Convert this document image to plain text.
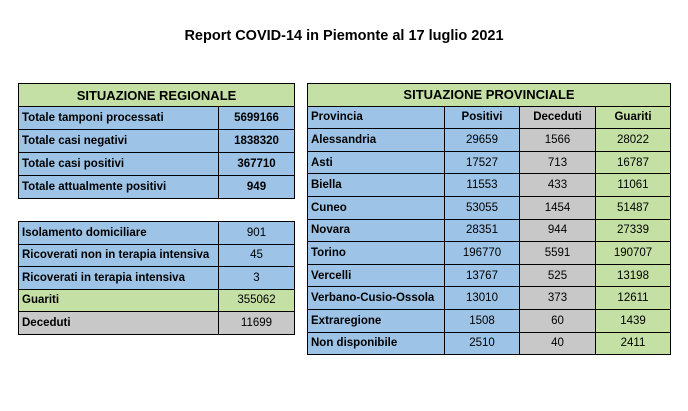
Report COVID-14 in Piemonte al 17 luglio 2021
SITUAZIONE REGIONALE	
Totale tamponi processati	5699166
Totale casi negativi	1838320
Totale casi positivi	367710
Totale attualmente positivi	949
Isolamento domiciliare	901
Ricoverati non in terapia intensiva	45
Ricoverati in terapia intensiva	3
Guariti	355062
Deceduti	11699
SITUAZIONE PROVINCIALE			
Provincia	Positivi	Deceduti	Guariti
Alessandria	29659	1566	28022
Asti	17527	713	16787
Biella	11553	433	11061
Cuneo	53055	1454	51487
Novara	28351	944	27339
Torino	196770	5591	190707
Vercelli	13767	525	13198
Verbano-Cusio-Ossola	13010	373	12611
Extraregione	1508	60	1439
Non disponibile	2510	40	2411
